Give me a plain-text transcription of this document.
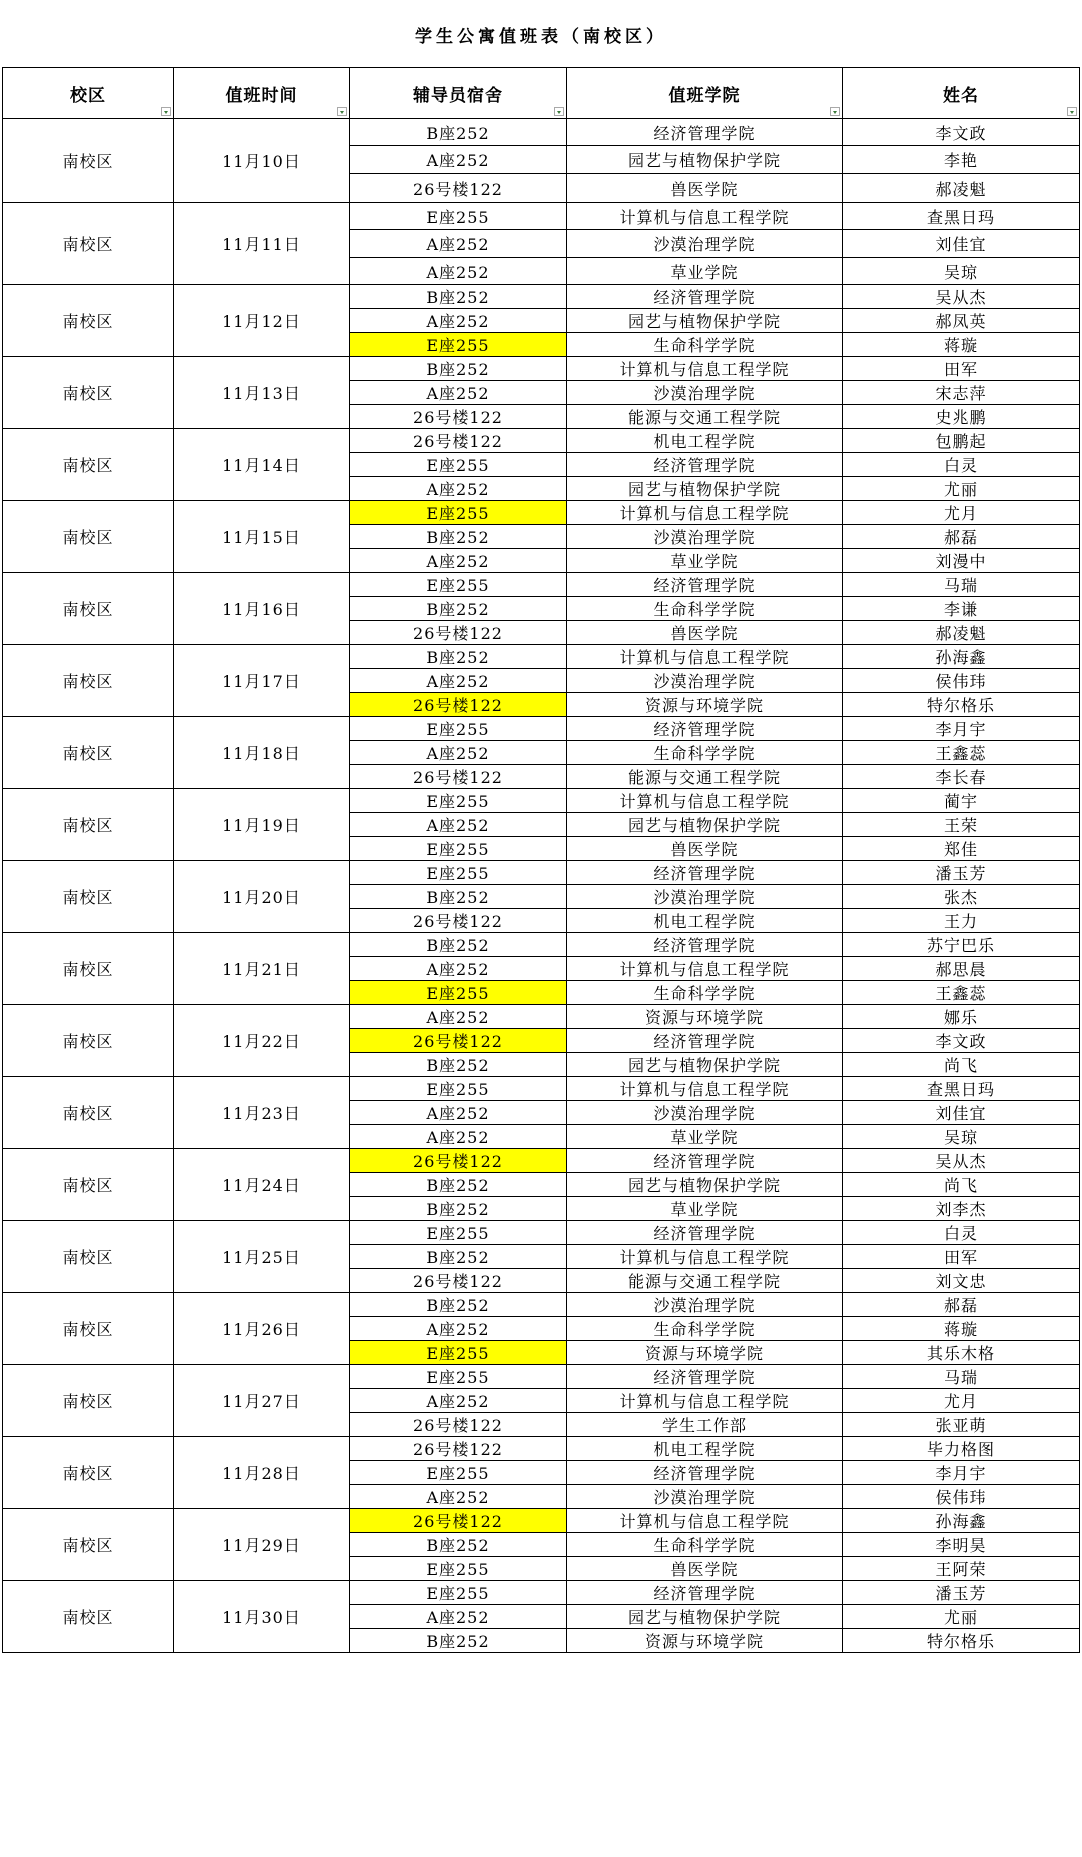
学生公寓值班表（南校区）
校区	值班时间	辅导员宿舍	值班学院	姓名

南校区	11月10日	B座252	经济管理学院	李文政
		A座252	园艺与植物保护学院	李艳
		26号楼122	兽医学院	郝凌魁
南校区	11月11日	E座255	计算机与信息工程学院	查黑日玛
		A座252	沙漠治理学院	刘佳宜
		A座252	草业学院	吴琼
南校区	11月12日	B座252	经济管理学院	吴从杰
		A座252	园艺与植物保护学院	郝凤英
		E座255	生命科学学院	蒋璇
南校区	11月13日	B座252	计算机与信息工程学院	田军
		A座252	沙漠治理学院	宋志萍
		26号楼122	能源与交通工程学院	史兆鹏
南校区	11月14日	26号楼122	机电工程学院	包鹏起
		E座255	经济管理学院	白灵
		A座252	园艺与植物保护学院	尤丽
南校区	11月15日	E座255	计算机与信息工程学院	尤月
		B座252	沙漠治理学院	郝磊
		A座252	草业学院	刘漫中
南校区	11月16日	E座255	经济管理学院	马瑞
		B座252	生命科学学院	李谦
		26号楼122	兽医学院	郝凌魁
南校区	11月17日	B座252	计算机与信息工程学院	孙海鑫
		A座252	沙漠治理学院	侯伟玮
		26号楼122	资源与环境学院	特尔格乐
南校区	11月18日	E座255	经济管理学院	李月宇
		A座252	生命科学学院	王鑫蕊
		26号楼122	能源与交通工程学院	李长春
南校区	11月19日	E座255	计算机与信息工程学院	蔺宇
		A座252	园艺与植物保护学院	王荣
		E座255	兽医学院	郑佳
南校区	11月20日	E座255	经济管理学院	潘玉芳
		B座252	沙漠治理学院	张杰
		26号楼122	机电工程学院	王力
南校区	11月21日	B座252	经济管理学院	苏宁巴乐
		A座252	计算机与信息工程学院	郝思晨
		E座255	生命科学学院	王鑫蕊
南校区	11月22日	A座252	资源与环境学院	娜乐
		26号楼122	经济管理学院	李文政
		B座252	园艺与植物保护学院	尚飞
南校区	11月23日	E座255	计算机与信息工程学院	查黑日玛
		A座252	沙漠治理学院	刘佳宜
		A座252	草业学院	吴琼
南校区	11月24日	26号楼122	经济管理学院	吴从杰
		B座252	园艺与植物保护学院	尚飞
		B座252	草业学院	刘李杰
南校区	11月25日	E座255	经济管理学院	白灵
		B座252	计算机与信息工程学院	田军
		26号楼122	能源与交通工程学院	刘文忠
南校区	11月26日	B座252	沙漠治理学院	郝磊
		A座252	生命科学学院	蒋璇
		E座255	资源与环境学院	其乐木格
南校区	11月27日	E座255	经济管理学院	马瑞
		A座252	计算机与信息工程学院	尤月
		26号楼122	学生工作部	张亚萌
南校区	11月28日	26号楼122	机电工程学院	毕力格图
		E座255	经济管理学院	李月宇
		A座252	沙漠治理学院	侯伟玮
南校区	11月29日	26号楼122	计算机与信息工程学院	孙海鑫
		B座252	生命科学学院	李明昊
		E座255	兽医学院	王阿荣
南校区	11月30日	E座255	经济管理学院	潘玉芳
		A座252	园艺与植物保护学院	尤丽
		B座252	资源与环境学院	特尔格乐
